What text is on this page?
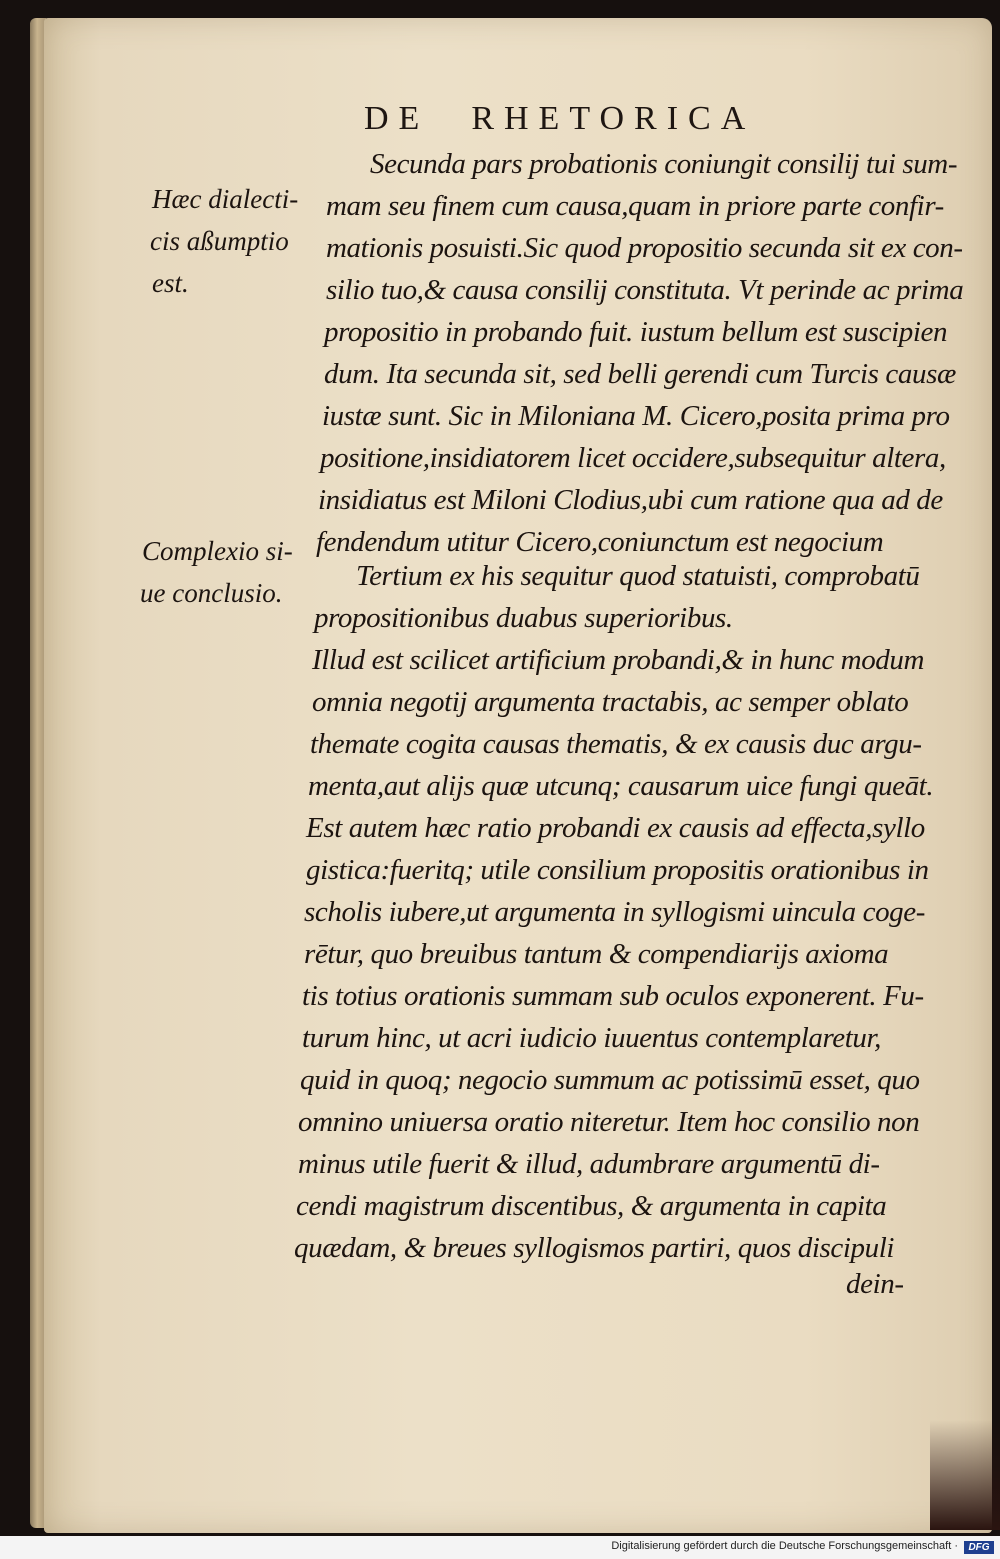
DE RHETORICA
Hæc dialecti-
cis aßumptio
est.
Complexio si-
ue conclusio.
Secunda pars probationis coniungit consilij tui sum-
mam seu finem cum causa,quam in priore parte confir-
mationis posuisti.Sic quod propositio secunda sit ex con-
silio tuo,& causa consilij constituta. Vt perinde ac prima
propositio in probando fuit. iustum bellum est suscipien
dum. Ita secunda sit, sed belli gerendi cum Turcis causæ
iustæ sunt. Sic in Miloniana M. Cicero,posita prima pro
positione,insidiatorem licet occidere,subsequitur altera,
insidiatus est Miloni Clodius,ubi cum ratione qua ad de
fendendum utitur Cicero,coniunctum est negocium
Tertium ex his sequitur quod statuisti, comprobatū
propositionibus duabus superioribus.
Illud est scilicet artificium probandi,& in hunc modum
omnia negotij argumenta tractabis, ac semper oblato
themate cogita causas thematis, & ex causis duc argu-
menta,aut alijs quæ utcunq; causarum uice fungi queāt.
Est autem hæc ratio probandi ex causis ad effecta,syllo
gistica:fueritq; utile consilium propositis orationibus in
scholis iubere,ut argumenta in syllogismi uincula coge-
rētur, quo breuibus tantum & compendiarijs axioma
tis totius orationis summam sub oculos exponerent. Fu-
turum hinc, ut acri iudicio iuuentus contemplaretur,
quid in quoq; negocio summum ac potissimū esset, quo
omnino uniuersa oratio niteretur. Item hoc consilio non
minus utile fuerit & illud, adumbrare argumentū di-
cendi magistrum discentibus, & argumenta in capita
quædam, & breues syllogismos partiri, quos discipuli
dein-
Digitalisierung gefördert durch die Deutsche Forschungsgemeinschaft ·	DFG
